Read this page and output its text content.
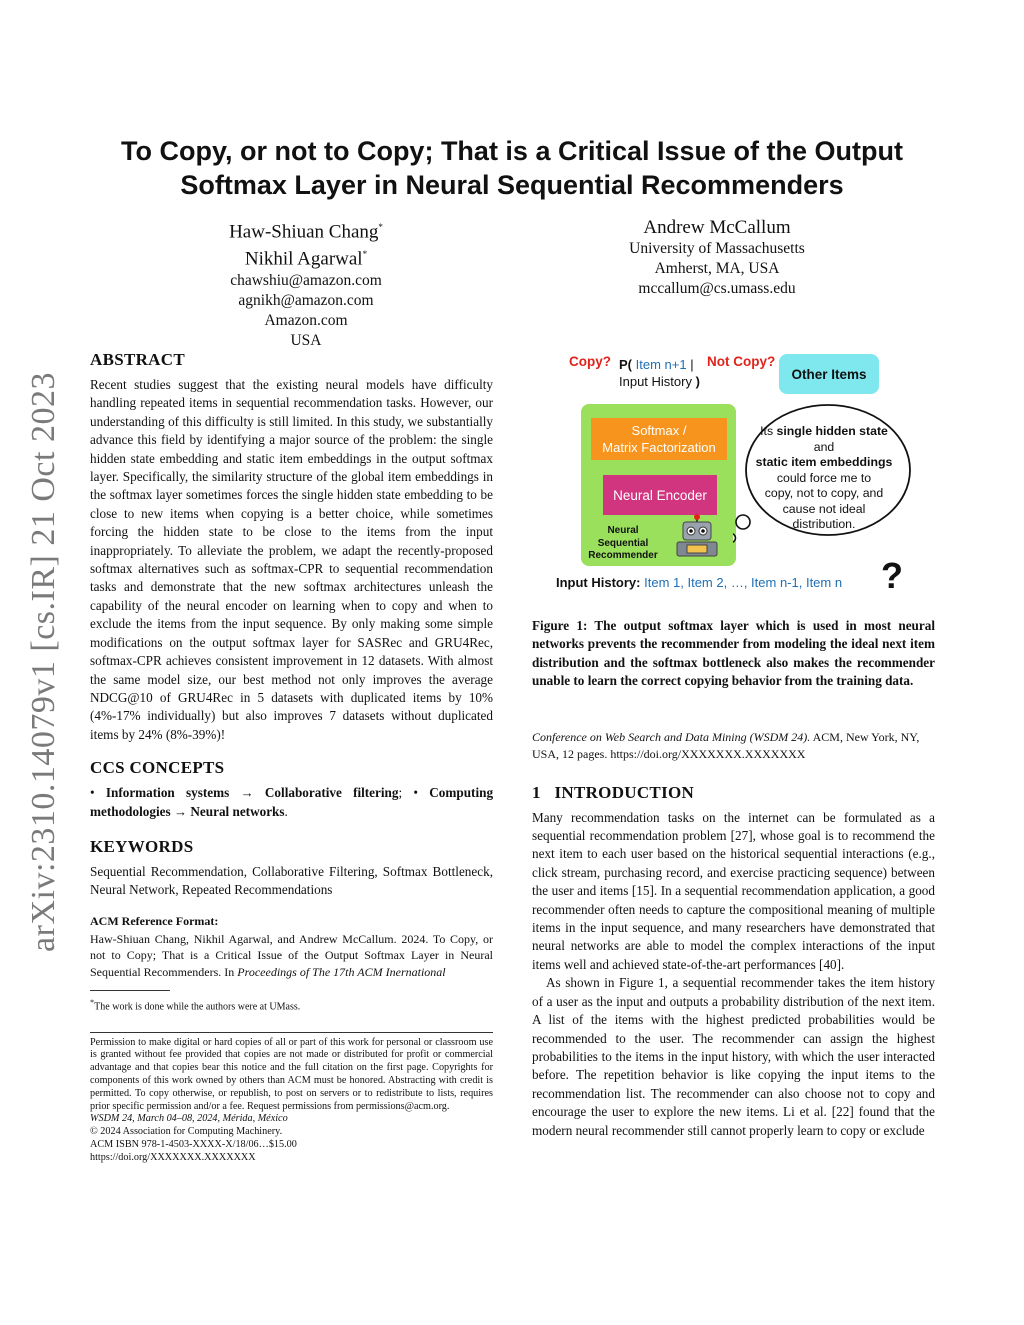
arXiv:2310.14079v1 [cs.IR] 21 Oct 2023
To Copy, or not to Copy; That is a Critical Issue of the Output
Softmax Layer in Neural Sequential Recommenders
Haw-Shiuan Chang*
Nikhil Agarwal*
chawshiu@amazon.com
agnikh@amazon.com
Amazon.com
USA
Andrew McCallum
University of Massachusetts
Amherst, MA, USA
mccallum@cs.umass.edu
ABSTRACT

Recent studies suggest that the existing neural models have difficulty handling repeated items in sequential recommendation tasks. However, our understanding of this difficulty is still limited. In this study, we substantially advance this field by identifying a major source of the problem: the single hidden state embedding and static item embeddings in the output softmax layer. Specifically, the similarity structure of the global item embeddings in the softmax layer sometimes forces the single hidden state embedding to be close to new items when copying is a better choice, while sometimes forcing the hidden state to be close to the items from the input inappropriately. To alleviate the problem, we adapt the recently-proposed softmax alternatives such as softmax-CPR to sequential recommendation tasks and demonstrate that the new softmax architectures unleash the capability of the neural encoder on learning when to copy and when to exclude the items from the input sequence. By only making some simple modifications on the output softmax layer for SASRec and GRU4Rec, softmax-CPR achieves consistent improvement in 12 datasets. With almost the same model size, our best method not only improves the average NDCG@10 of GRU4Rec in 5 datasets with duplicated items by 10% (4%-17% individually) but also improves 7 datasets without duplicated items by 24% (8%-39%)!

CCS CONCEPTS

• Information systems → Collaborative filtering; • Computing methodologies → Neural networks.

KEYWORDS

Sequential Recommendation, Collaborative Filtering, Softmax Bottleneck, Neural Network, Repeated Recommendations

ACM Reference Format:

Haw-Shiuan Chang, Nikhil Agarwal, and Andrew McCallum. 2024. To Copy, or not to Copy; That is a Critical Issue of the Output Softmax Layer in Neural Sequential Recommenders. In Proceedings of The 17th ACM Inernational

*The work is done while the authors were at UMass.

Permission to make digital or hard copies of all or part of this work for personal or classroom use is granted without fee provided that copies are not made or distributed for profit or commercial advantage and that copies bear this notice and the full citation on the first page. Copyrights for components of this work owned by others than ACM must be honored. Abstracting with credit is permitted. To copy otherwise, or republish, to post on servers or to redistribute to lists, requires prior specific permission and/or a fee. Request permissions from permissions@acm.org.

WSDM 24, March 04–08, 2024, Mérida, México

© 2024 Association for Computing Machinery.

ACM ISBN 978-1-4503-XXXX-X/18/06…$15.00

https://doi.org/XXXXXXX.XXXXXXX

Copy? P( Item n+1 |
Input History )
Not Copy?
Other Items
Softmax /
Matrix Factorization
Neural Encoder
Neural
Sequential
Recommender
Its single hidden state
and
static item embeddings
could force me to
copy, not to copy, and
cause not ideal
distribution.
Input History: Item 1, Item 2, …, Item n-1, Item n ?

Figure 1: The output softmax layer which is used in most neural networks prevents the recommender from modeling the ideal next item distribution and the softmax bottleneck also makes the recommender unable to learn the correct copying behavior from the training data.

Conference on Web Search and Data Mining (WSDM 24). ACM, New York, NY, USA, 12 pages. https://doi.org/XXXXXXX.XXXXXXX

1 INTRODUCTION

Many recommendation tasks on the internet can be formulated as a sequential recommendation problem [27], whose goal is to recommend the next item to each user based on the historical sequential interactions (e.g., click stream, purchasing record, and exercise practicing sequence) between the user and items [15]. In a sequential recommendation application, a good recommender often needs to capture the compositional meaning of multiple items in the input sequence, and many researchers have demonstrated that neural networks are able to model the complex interactions of the input items well and achieved state-of-the-art performances [40].

As shown in Figure 1, a sequential recommender takes the item history of a user as the input and outputs a probability distribution of the next item. A list of the items with the highest predicted probabilities would be recommended to the user. The recommender can assign the highest probabilities to the items in the input history, with which the user interacted before. The repetition behavior is like copying the input items to the recommendation list. The recommender can also choose not to copy and encourage the user to explore the new items. Li et al. [22] found that the modern neural recommender still cannot properly learn to copy or exclude
